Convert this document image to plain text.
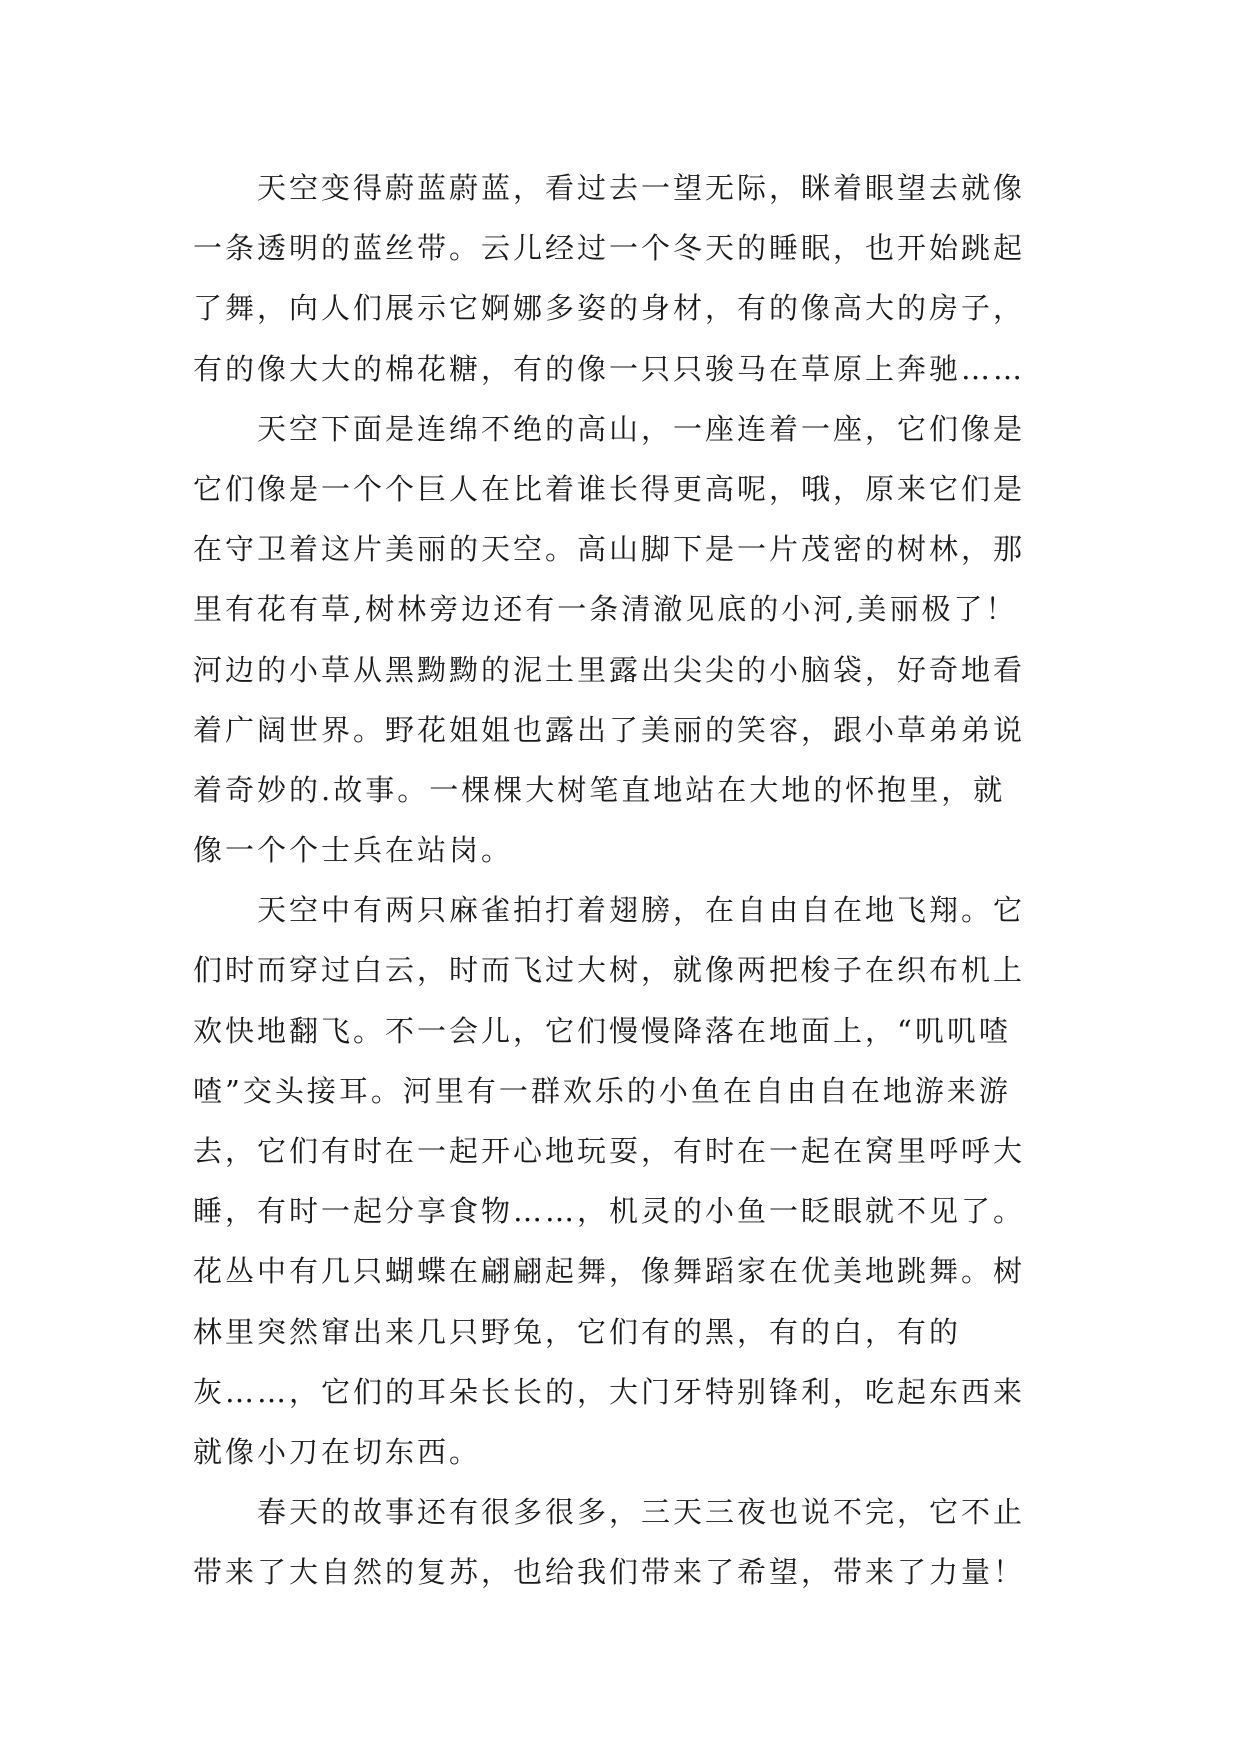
天空变得蔚蓝蔚蓝，看过去一望无际，眯着眼望去就像
一条透明的蓝丝带。云儿经过一个冬天的睡眠，也开始跳起
了舞，向人们展示它婀娜多姿的身材，有的像高大的房子，
有的像大大的棉花糖，有的像一只只骏马在草原上奔驰……
天空下面是连绵不绝的高山，一座连着一座，它们像是
它们像是一个个巨人在比着谁长得更高呢，哦，原来它们是
在守卫着这片美丽的天空。高山脚下是一片茂密的树林，那
里有花有草,树林旁边还有一条清澈见底的小河,美丽极了！
河边的小草从黑黝黝的泥土里露出尖尖的小脑袋，好奇地看
着广阔世界。野花姐姐也露出了美丽的笑容，跟小草弟弟说
着奇妙的.故事。一棵棵大树笔直地站在大地的怀抱里，就
像一个个士兵在站岗。
天空中有两只麻雀拍打着翅膀，在自由自在地飞翔。它
们时而穿过白云，时而飞过大树，就像两把梭子在织布机上
欢快地翻飞。不一会儿，它们慢慢降落在地面上，“叽叽喳
喳”交头接耳。河里有一群欢乐的小鱼在自由自在地游来游
去，它们有时在一起开心地玩耍，有时在一起在窝里呼呼大
睡，有时一起分享食物……，机灵的小鱼一眨眼就不见了。
花丛中有几只蝴蝶在翩翩起舞，像舞蹈家在优美地跳舞。树
林里突然窜出来几只野兔，它们有的黑，有的白，有的
灰……，它们的耳朵长长的，大门牙特别锋利，吃起东西来
就像小刀在切东西。
春天的故事还有很多很多，三天三夜也说不完，它不止
带来了大自然的复苏，也给我们带来了希望，带来了力量！
